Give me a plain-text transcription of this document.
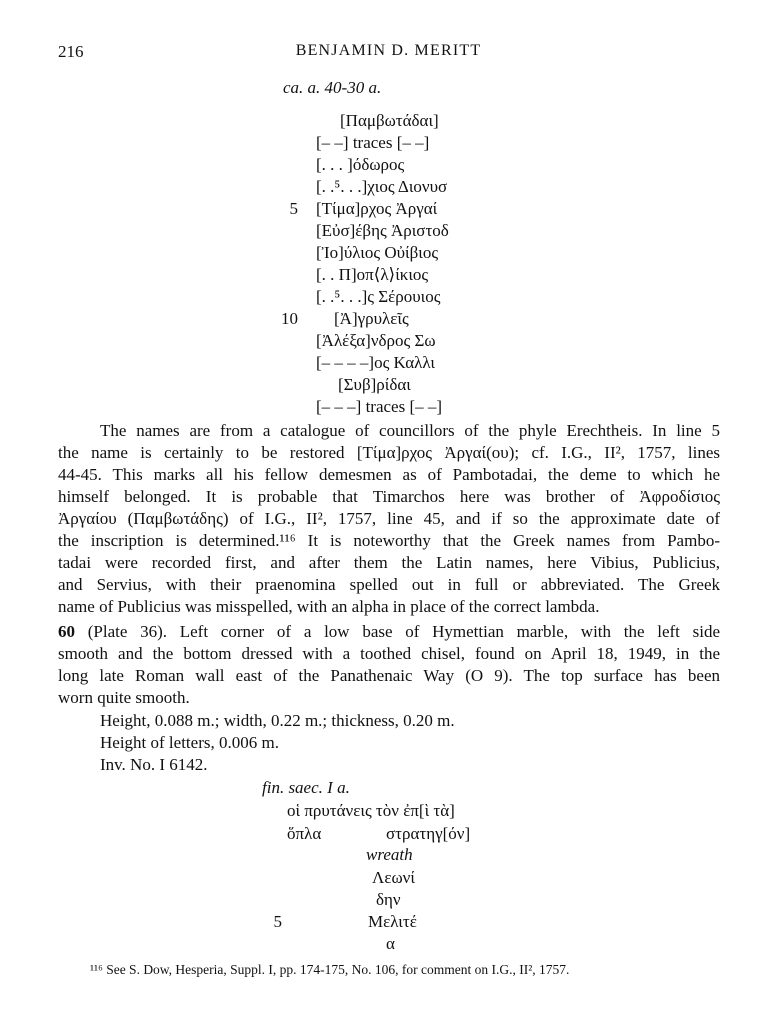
216	BENJAMIN D. MERITT
ca. a. 40-30 a.
[Παμβωτάδαι]
[– –] traces [– –]
[. . . ]όδωρος
[. .⁵. . .]χιος Διονυσ
5 [Τίμα]ρχος Ἀργαί
[Εὐσ]έβης Ἀριστοδ
[Ἰο]ύλιος Οὐίβιος
[. . Π]οπ⟨λ⟩ίκιος
[. .⁵. . .]ς Σέρουιος
10 [Ἀ]γρυλεῖς
[Ἀλέξα]νδρος Σω
[– – – –]ος Καλλι
[Συβ]ρίδαι
[– – –] traces [– –]
The names are from a catalogue of councillors of the phyle Erechtheis. In line 5
the name is certainly to be restored [Τίμα]ρχος Ἀργαί(ου); cf. I.G., II², 1757, lines
44-45. This marks all his fellow demesmen as of Pambotadai, the deme to which he
himself belonged. It is probable that Timarchos here was brother of Ἀφροδίσιος
Ἀργαίου (Παμβωτάδης) of I.G., II², 1757, line 45, and if so the approximate date of
the inscription is determined.¹¹⁶ It is noteworthy that the Greek names from Pambo-
tadai were recorded first, and after them the Latin names, here Vibius, Publicius,
and Servius, with their praenomina spelled out in full or abbreviated. The Greek
name of Publicius was misspelled, with an alpha in place of the correct lambda.
60 (Plate 36). Left corner of a low base of Hymettian marble, with the left side
smooth and the bottom dressed with a toothed chisel, found on April 18, 1949, in the
long late Roman wall east of the Panathenaic Way (O 9). The top surface has been
worn quite smooth.
Height, 0.088 m.; width, 0.22 m.; thickness, 0.20 m.
Height of letters, 0.006 m.
Inv. No. I 6142.
fin. saec. I a.
οἱ πρυτάνεις τὸν ἐπ[ὶ τὰ]
ὅπλα	στρατηγ[όν]
wreath
Λεωνί
δην
5	Μελιτέ
α
¹¹⁶ See S. Dow, Hesperia, Suppl. I, pp. 174-175, No. 106, for comment on I.G., II², 1757.
